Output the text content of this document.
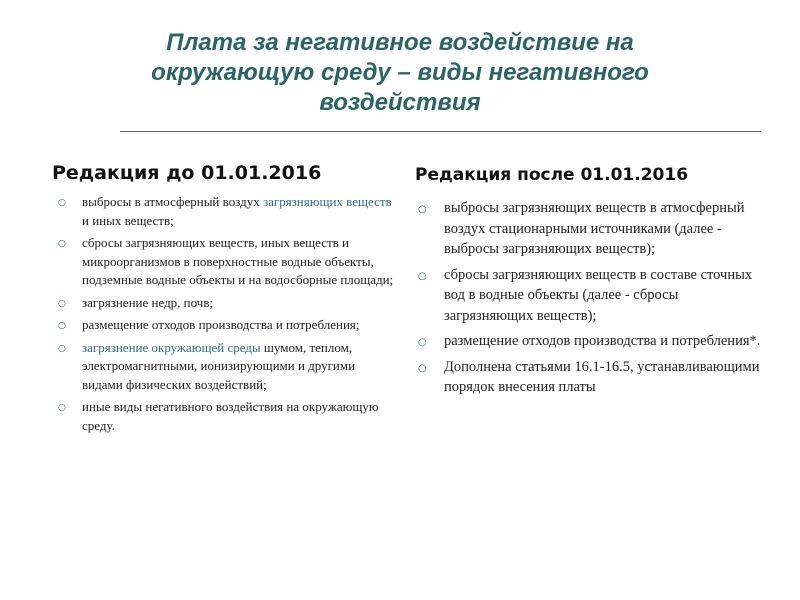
Плата за негативное воздействие на
окружающую среду – виды негативного
воздействия
Редакция до 01.01.2016
○ выбросы в атмосферный воздух загрязняющих веществ и иных веществ;
○ сбросы загрязняющих веществ, иных веществ и микроорганизмов в поверхностные водные объекты, подземные водные объекты и на водосборные площади;
○ загрязнение недр, почв;
○ размещение отходов производства и потребления;
○ загрязнение окружающей среды шумом, теплом, электромагнитными, ионизирующими и другими видами физических воздействий;
○ иные виды негативного воздействия на окружающую среду.
Редакция после 01.01.2016
○ выбросы загрязняющих веществ в атмосферный воздух стационарными источниками (далее - выбросы загрязняющих веществ);
○ сбросы загрязняющих веществ в составе сточных вод в водные объекты (далее - сбросы загрязняющих веществ);
○ размещение отходов производства и потребления*.
○ Дополнена статьями 16.1-16.5, устанавливающими порядок внесения платы
